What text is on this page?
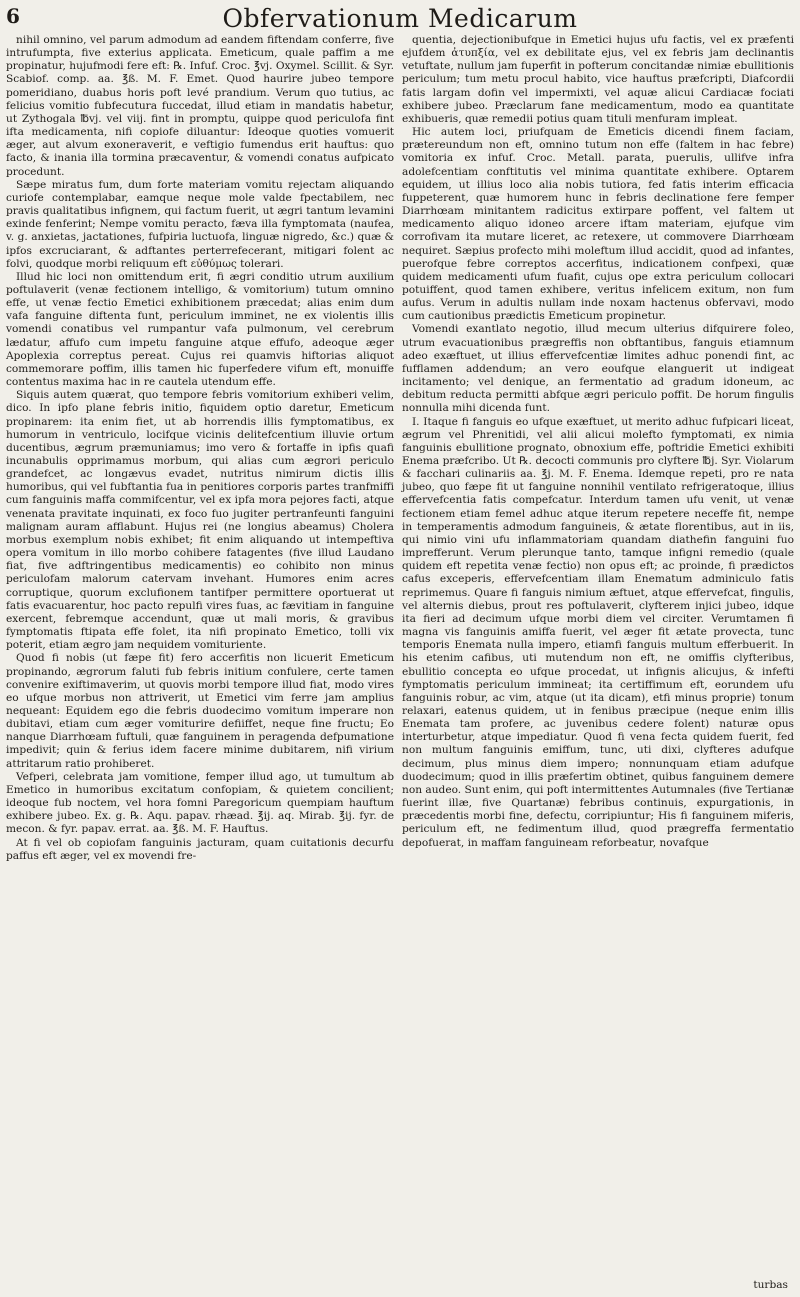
6	Obfervationum Medicarum

nihil omnino, vel parum admodum ad eandem fiftendam conferre, five intrufumpta, five exterius applicata. Emeticum, quale paffim a me propinatur, hujufmodi fere eft: ℞. Infuf. Croc. ℥vj. Oxymel. Scillit. & Syr. Scabiof. comp. aa. ℥ß. M. F. Emet. Quod haurire jubeo tempore pomeridiano, duabus horis poft levé prandium. Verum quo tutius, ac felicius vomitio fubfecutura fuccedat, illud etiam in mandatis habetur, ut Zythogala ℔vj. vel viij. fint in promptu, quippe quod periculofa fint ifta medicamenta, nifi copiofe diluantur: Ideoque quoties vomuerit æger, aut alvum exoneraverit, e veftigio fumendus erit hauftus: quo facto, & inania illa tormina præcaventur, & vomendi conatus aufpicato procedunt.

Sæpe miratus fum, dum forte materiam vomitu rejectam aliquando curiofe contemplabar, eamque neque mole valde fpectabilem, nec pravis qualitatibus infignem, qui factum fuerit, ut ægri tantum levamini exinde fenferint; Nempe vomitu peracto, fæva illa fymptomata (naufea, v. g. anxietas, jactationes, fufpiria luctuofa, linguæ nigredo, &c.) quæ & ipfos excruciarant, & adftantes perterrefecerant, mitigari folent ac folvi, quodque morbi reliquum eft εὐθύμως tolerari.

Illud hic loci non omittendum erit, fi ægri conditio utrum auxilium poftulaverit (venæ fectionem intelligo, & vomitorium) tutum omnino effe, ut venæ fectio Emetici exhibitionem præcedat; alias enim dum vafa fanguine diftenta funt, periculum imminet, ne ex violentis illis vomendi conatibus vel rumpantur vafa pulmonum, vel cerebrum lædatur, affufo cum impetu fanguine atque effufo, adeoque æger Apoplexia correptus pereat. Cujus rei quamvis hiftorias aliquot commemorare poffim, illis tamen hic fuperfedere vifum eft, monuiffe contentus maxima hac in re cautela utendum effe.

Siquis autem quærat, quo tempore febris vomitorium exhiberi velim, dico. In ipfo plane febris initio, fiquidem optio daretur, Emeticum propinarem: ita enim fiet, ut ab horrendis illis fymptomatibus, ex humorum in ventriculo, locifque vicinis delitefcentium illuvie ortum ducentibus, ægrum præmuniamus; imo vero & fortaffe in ipfis quafi incunabulis opprimamus morbum, qui alias cum ægrori periculo grandefcet, ac longævus evadet, nutritus nimirum dictis illis humoribus, qui vel fubftantia fua in penitiores corporis partes tranfmiffi cum fanguinis maffa commifcentur, vel ex ipfa mora pejores facti, atque venenata pravitate inquinati, ex foco fuo jugiter pertranfeunti fanguini malignam auram afflabunt. Hujus rei (ne longius abeamus) Cholera morbus exemplum nobis exhibet; fit enim aliquando ut intempeftiva opera vomitum in illo morbo cohibere fatagentes (five illud Laudano fiat, five adftringentibus medicamentis) eo cohibito non minus periculofam malorum catervam invehant. Humores enim acres corruptique, quorum exclufionem tantifper permittere oportuerat ut fatis evacuarentur, hoc pacto repulfi vires fuas, ac fævitiam in fanguine exercent, febremque accendunt, quæ ut mali moris, & gravibus fymptomatis ftipata effe folet, ita nifi propinato Emetico, tolli vix poterit, etiam ægro jam nequidem vomituriente.

Quod fi nobis (ut fæpe fit) fero accerfitis non licuerit Emeticum propinando, ægrorum faluti fub febris initium confulere, certe tamen convenire exiftimaverim, ut quovis morbi tempore illud fiat, modo vires eo ufque morbus non attriverit, ut Emetici vim ferre jam amplius nequeant: Equidem ego die febris duodecimo vomitum imperare non dubitavi, etiam cum æger vomiturire defiiffet, neque fine fructu; Eo nanque Diarrhœam fuftuli, quæ fanguinem in peragenda defpumatione impedivit; quin & ferius idem facere minime dubitarem, nifi virium attritarum ratio prohiberet.

Vefperi, celebrata jam vomitione, femper illud ago, ut tumultum ab Emetico in humoribus excitatum confopiam, & quietem concilient; ideoque fub noctem, vel hora fomni Paregoricum quempiam hauftum exhibere jubeo. Ex. g. ℞. Aqu. papav. rhæad. ℥ij. aq. Mirab. ℥ij. fyr. de mecon. & fyr. papav. errat. aa. ℥ß. M. F. Hauftus.

At fi vel ob copiofam fanguinis jacturam, quam cuitationis decurfu paffus eft æger, vel ex movendi fre-

quentia, dejectionibufque in Emetici hujus ufu factis, vel ex præfenti ejufdem ἀτυπξία, vel ex debilitate ejus, vel ex febris jam declinantis vetuftate, nullum jam fuperfit in pofterum concitandæ nimiæ ebullitionis periculum; tum metu procul habito, vice hauftus præfcripti, Diafcordii fatis largam dofin vel impermixti, vel aquæ alicui Cardiacæ fociati exhibere jubeo. Præclarum fane medicamentum, modo ea quantitate exhibueris, quæ remedii potius quam tituli menfuram impleat.

Hic autem loci, priufquam de Emeticis dicendi finem faciam, prætereundum non eft, omnino tutum non effe (faltem in hac febre) vomitoria ex infuf. Croc. Metall. parata, puerulis, ullifve infra adolefcentiam conftitutis vel minima quantitate exhibere. Optarem equidem, ut illius loco alia nobis tutiora, fed fatis interim efficacia fuppeterent, quæ humorem hunc in febris declinatione fere femper Diarrhœam minitantem radicitus extirpare poffent, vel faltem ut medicamento aliquo idoneo arcere iftam materiam, ejufque vim corrofivam ita mutare liceret, ac retexere, ut commovere Diarrhœam nequiret. Sæpius profecto mihi moleftum illud accidit, quod ad infantes, puerofque febre correptos accerfitus, indicationem confpexi, quæ quidem medicamenti ufum fuafit, cujus ope extra periculum collocari potuiffent, quod tamen exhibere, veritus infelicem exitum, non fum aufus. Verum in adultis nullam inde noxam hactenus obfervavi, modo cum cautionibus prædictis Emeticum propinetur.

Vomendi exantlato negotio, illud mecum ulterius difquirere foleo, utrum evacuationibus prægreffis non obftantibus, fanguis etiamnum adeo exæftuet, ut illius effervefcentiæ limites adhuc ponendi fint, ac fufflamen addendum; an vero eoufque elanguerit ut indigeat incitamento; vel denique, an fermentatio ad gradum idoneum, ac debitum reducta permitti abfque ægri periculo poffit. De horum fingulis nonnulla mihi dicenda funt.

I. Itaque fi fanguis eo ufque exæftuet, ut merito adhuc fufpicari liceat, ægrum vel Phrenitidi, vel alii alicui molefto fymptomati, ex nimia fanguinis ebullitione prognato, obnoxium effe, poftridie Emetici exhibiti Enema præfcribo. Ut ℞. decocti communis pro clyftere ℔j. Syr. Violarum & facchari culinariis aa. ℥j. M. F. Enema. Idemque repeti, pro re nata jubeo, quo fæpe fit ut fanguine nonnihil ventilato refrigeratoque, illius effervefcentia fatis compefcatur. Interdum tamen ufu venit, ut venæ fectionem etiam femel adhuc atque iterum repetere neceffe fit, nempe in temperamentis admodum fanguineis, & ætate florentibus, aut in iis, qui nimio vini ufu inflammatoriam quandam diathefin fanguini fuo imprefferunt. Verum plerunque tanto, tamque infigni remedio (quale quidem eft repetita venæ fectio) non opus eft; ac proinde, fi prædictos cafus exceperis, effervefcentiam illam Enematum adminiculo fatis reprimemus. Quare fi fanguis nimium æftuet, atque effervefcat, fingulis, vel alternis diebus, prout res poftulaverit, clyfterem injici jubeo, idque ita fieri ad decimum ufque morbi diem vel circiter. Verumtamen fi magna vis fanguinis amiffa fuerit, vel æger fit ætate provecta, tunc temporis Enemata nulla impero, etiamfi fanguis multum efferbuerit. In his etenim cafibus, uti mutendum non eft, ne omiffis clyfteribus, ebullitio concepta eo ufque procedat, ut infignis alicujus, & infefti fymptomatis periculum immineat; ita certiffimum eft, eorundem ufu fanguinis robur, ac vim, atque (ut ita dicam), etfi minus proprie) tonum relaxari, eatenus quidem, ut in fenibus præcipue (neque enim illis Enemata tam profere, ac juvenibus cedere folent) naturæ opus interturbetur, atque impediatur. Quod fi vena fecta quidem fuerit, fed non multum fanguinis emiffum, tunc, uti dixi, clyfteres adufque decimum, plus minus diem impero; nonnunquam etiam adufque duodecimum; quod in illis præfertim obtinet, quibus fanguinem demere non audeo. Sunt enim, qui poft intermittentes Autumnales (five Tertianæ fuerint illæ, five Quartanæ) febribus continuis, expurgationis, in præcedentis morbi fine, defectu, corripiuntur; His fi fanguinem miferis, periculum eft, ne fedimentum illud, quod prægreffa fermentatio depofuerat, in maffam fanguineam reforbeatur, novafque

turbas
